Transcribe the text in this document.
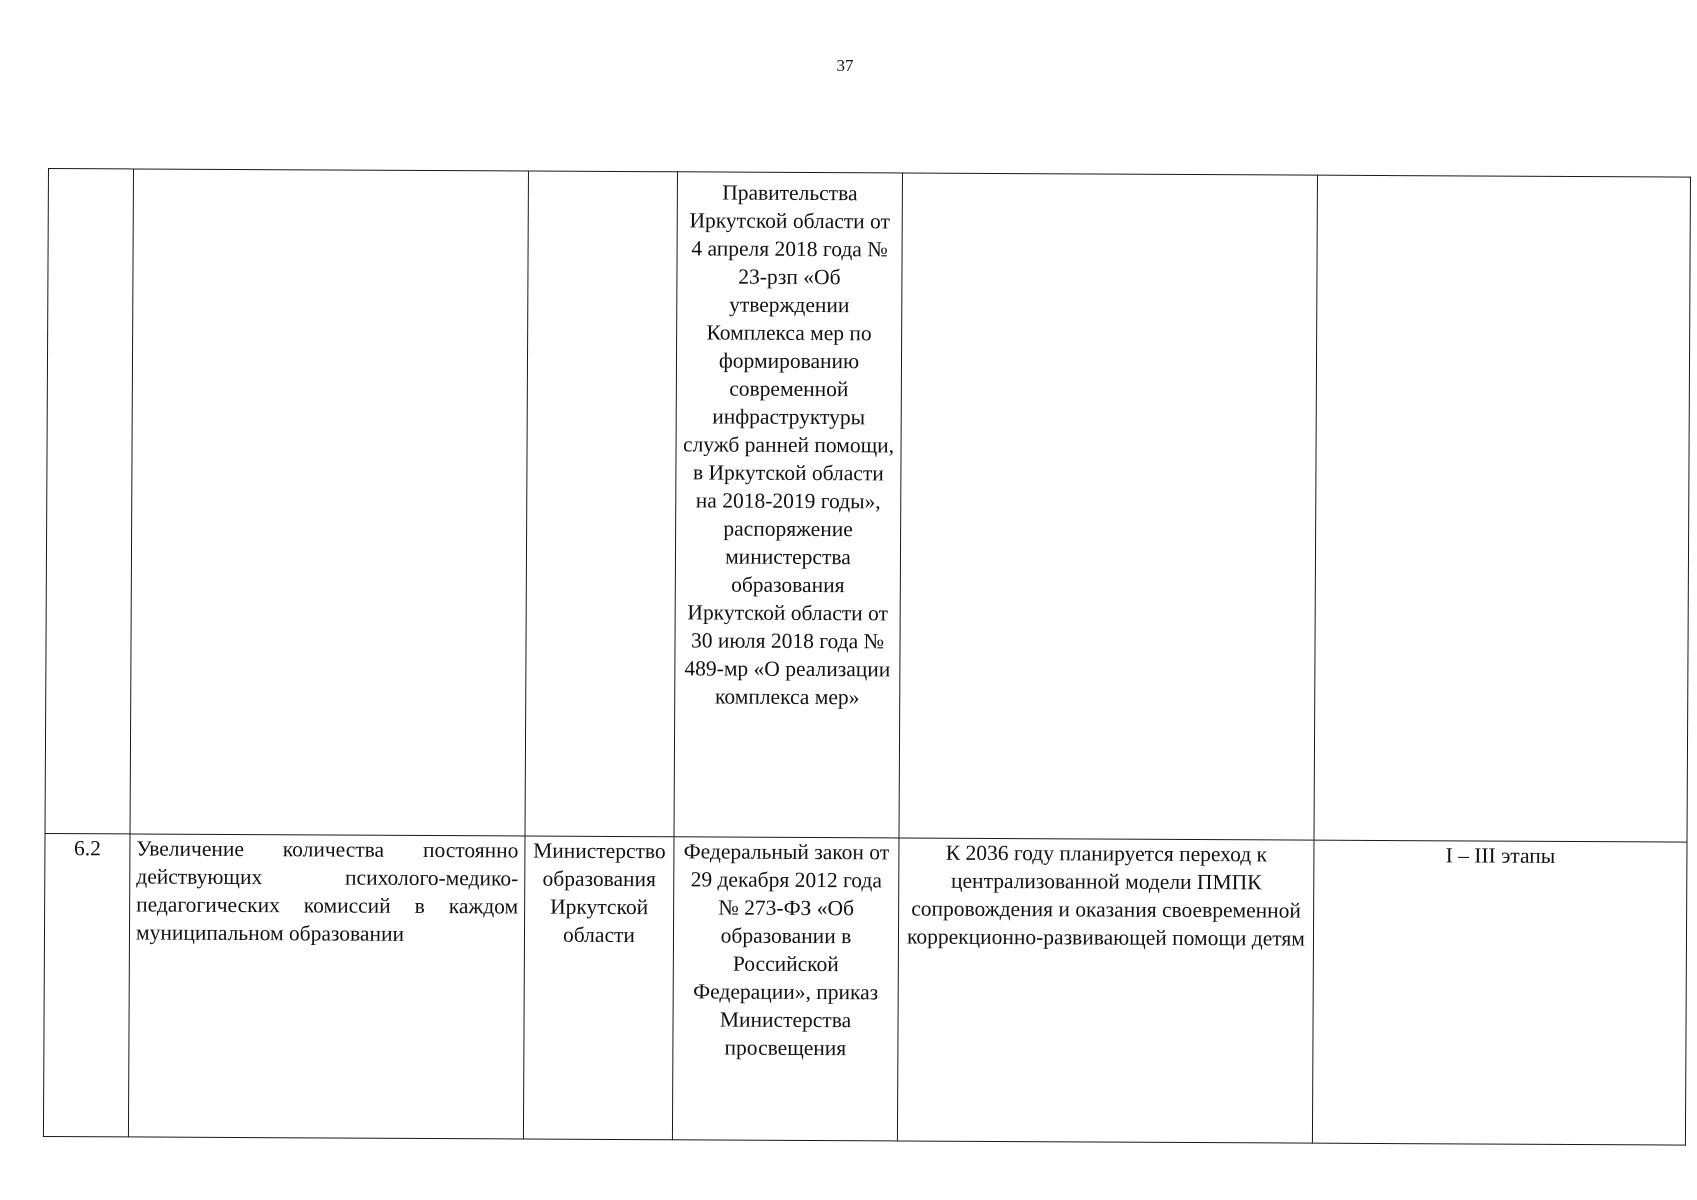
37
			Правительства Иркутской области от 4 апреля 2018 года № 23-рзп «Об утверждении Комплекса мер по формированию современной инфраструктуры служб ранней помощи, в Иркутской области на 2018-2019 годы», распоряжение министерства образования Иркутской области от 30 июля 2018 года № 489-мр «О реализации комплекса мер»		
6.2	Увеличение количества постоянно действующих психолого-медико-педагогических комиссий в каждом муниципальном образовании	Министерство образования Иркутской области	Федеральный закон от 29 декабря 2012 года № 273-ФЗ «Об образовании в Российской Федерации», приказ Министерства просвещения	К 2036 году планируется переход к централизованной модели ПМПК сопровождения и оказания своевременной коррекционно-развивающей помощи детям	I – III этапы
